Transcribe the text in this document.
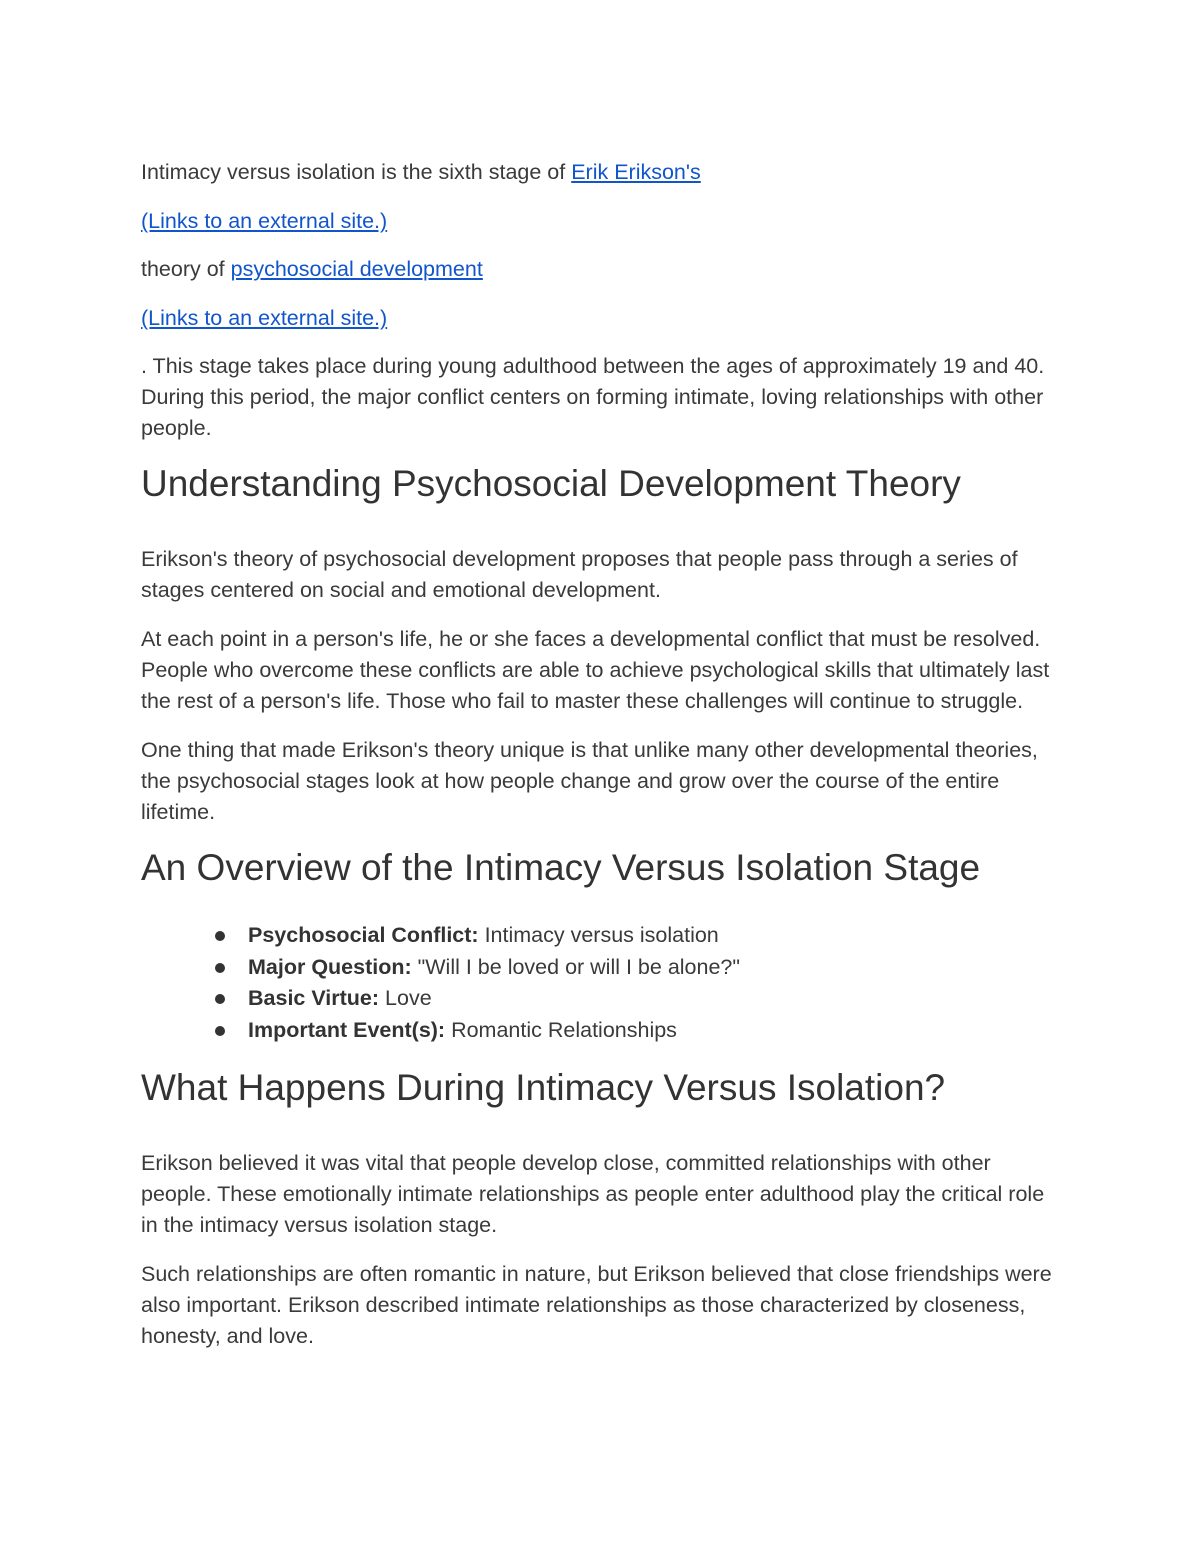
Intimacy versus isolation is the sixth stage of Erik Erikson's

(Links to an external site.)

theory of psychosocial development

(Links to an external site.)

. This stage takes place during young adulthood between the ages of approximately 19 and 40. During this period, the major conflict centers on forming intimate, loving relationships with other people.

Understanding Psychosocial Development Theory

Erikson's theory of psychosocial development proposes that people pass through a series of stages centered on social and emotional development.

At each point in a person's life, he or she faces a developmental conflict that must be resolved. People who overcome these conflicts are able to achieve psychological skills that ultimately last the rest of a person's life. Those who fail to master these challenges will continue to struggle.

One thing that made Erikson's theory unique is that unlike many other developmental theories, the psychosocial stages look at how people change and grow over the course of the entire lifetime.

An Overview of the Intimacy Versus Isolation Stage
Psychosocial Conflict: Intimacy versus isolation
Major Question: "Will I be loved or will I be alone?"
Basic Virtue: Love
Important Event(s): Romantic Relationships
What Happens During Intimacy Versus Isolation?

Erikson believed it was vital that people develop close, committed relationships with other people. These emotionally intimate relationships as people enter adulthood play the critical role in the intimacy versus isolation stage.

Such relationships are often romantic in nature, but Erikson believed that close friendships were also important. Erikson described intimate relationships as those characterized by closeness, honesty, and love.
